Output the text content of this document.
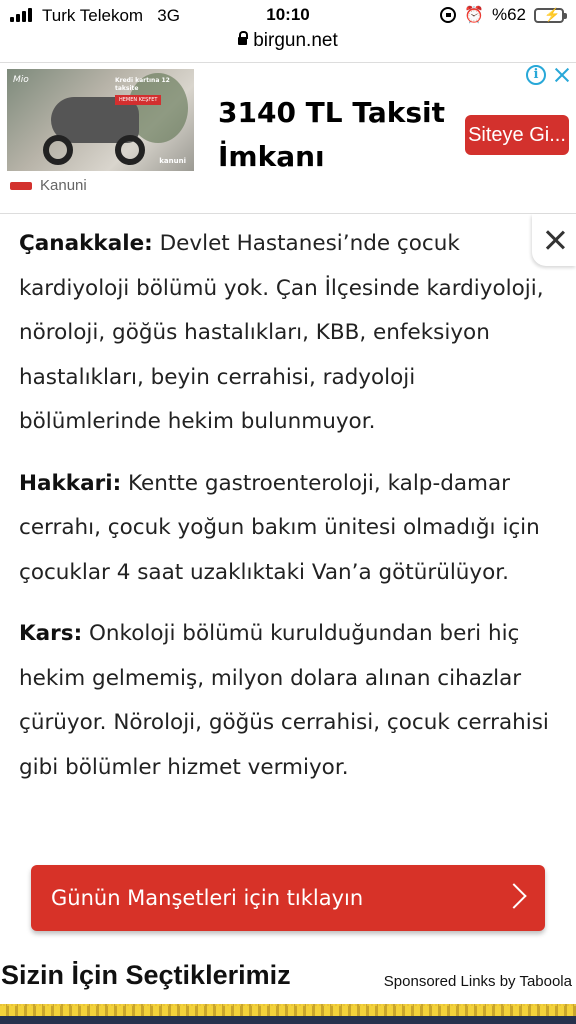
Turk Telekom 3G	10:10	⏰ %62 ⚡
birgun.net
Mio	Kredi kartına 12 taksite
HEMEN KEŞFET
kanuni
3140 TL Taksit İmkanı
Siteye Gi...
Kanuni
i

Çanakkale: Devlet Hastanesi’nde çocuk kardiyoloji bölümü yok. Çan İlçesinde kardiyoloji, nöroloji, göğüs hastalıkları, KBB, enfeksiyon hastalıkları, beyin cerrahisi, radyoloji bölümlerinde hekim bulunmuyor.

Hakkari: Kentte gastroenteroloji, kalp-damar cerrahı, çocuk yoğun bakım ünitesi olmadığı için çocuklar 4 saat uzaklıktaki Van’a götürülüyor.

Kars: Onkoloji bölümü kurulduğundan beri hiç hekim gelmemiş, milyon dolara alınan cihazlar çürüyor. Nöroloji, göğüs cerrahisi, çocuk cerrahisi gibi bölümler hizmet vermiyor.

Günün Manşetleri için tıklayın
Sizin İçin Seçtiklerimiz	Sponsored Links by Taboola
